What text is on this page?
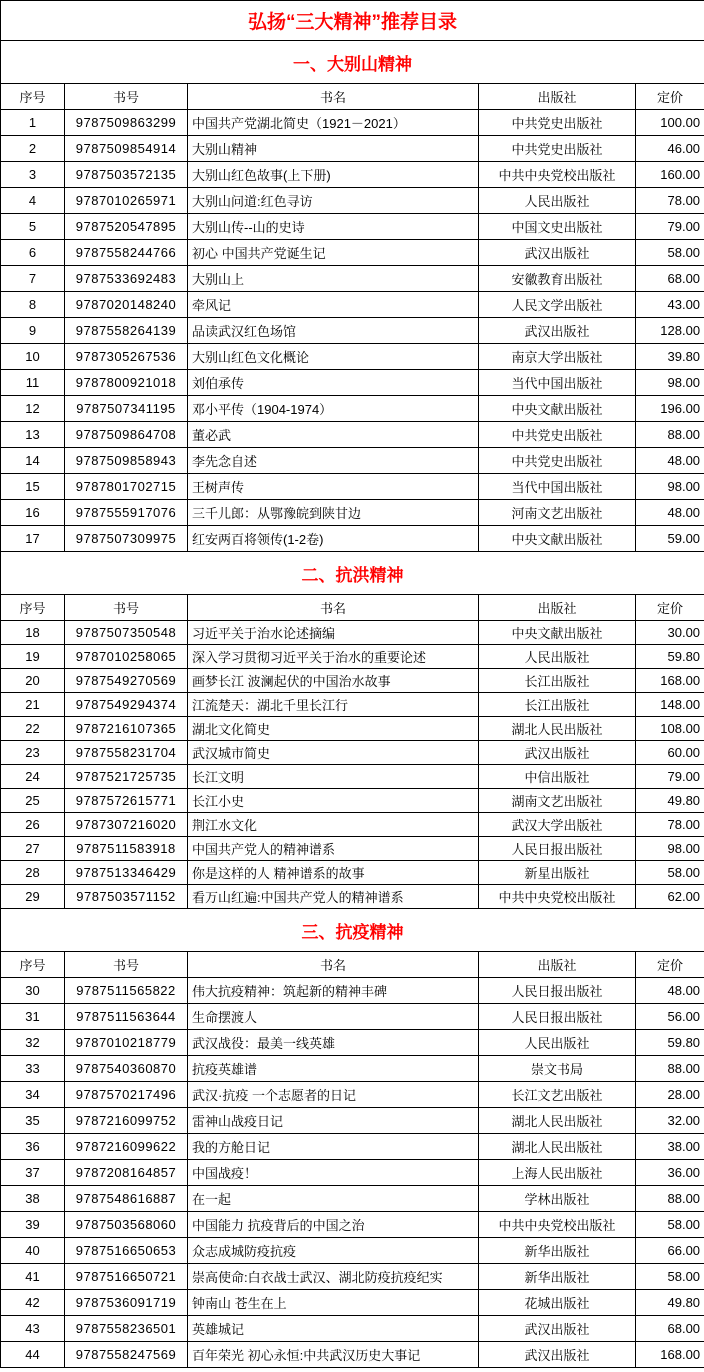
弘扬“三大精神”推荐目录				
一、大别山精神				
序号	书号	书名	出版社	定价
1	9787509863299	中国共产党湖北简史（1921－2021）	中共党史出版社	100.00
2	9787509854914	大别山精神	中共党史出版社	46.00
3	9787503572135	大别山红色故事(上下册)	中共中央党校出版社	160.00
4	9787010265971	大别山问道:红色寻访	人民出版社	78.00
5	9787520547895	大别山传--山的史诗	中国文史出版社	79.00
6	9787558244766	初心 中国共产党诞生记	武汉出版社	58.00
7	9787533692483	大别山上	安徽教育出版社	68.00
8	9787020148240	牵风记	人民文学出版社	43.00
9	9787558264139	品读武汉红色场馆	武汉出版社	128.00
10	9787305267536	大别山红色文化概论	南京大学出版社	39.80
11	9787800921018	刘伯承传	当代中国出版社	98.00
12	9787507341195	邓小平传（1904-1974）	中央文献出版社	196.00
13	9787509864708	董必武	中共党史出版社	88.00
14	9787509858943	李先念自述	中共党史出版社	48.00
15	9787801702715	王树声传	当代中国出版社	98.00
16	9787555917076	三千儿郎：从鄂豫皖到陕甘边	河南文艺出版社	48.00
17	9787507309975	红安两百将领传(1-2卷)	中央文献出版社	59.00
二、抗洪精神				
序号	书号	书名	出版社	定价
18	9787507350548	习近平关于治水论述摘编	中央文献出版社	30.00
19	9787010258065	深入学习贯彻习近平关于治水的重要论述	人民出版社	59.80
20	9787549270569	画梦长江 波澜起伏的中国治水故事	长江出版社	168.00
21	9787549294374	江流楚天：湖北千里长江行	长江出版社	148.00
22	9787216107365	湖北文化简史	湖北人民出版社	108.00
23	9787558231704	武汉城市简史	武汉出版社	60.00
24	9787521725735	长江文明	中信出版社	79.00
25	9787572615771	长江小史	湖南文艺出版社	49.80
26	9787307216020	荆江水文化	武汉大学出版社	78.00
27	9787511583918	中国共产党人的精神谱系	人民日报出版社	98.00
28	9787513346429	你是这样的人 精神谱系的故事	新星出版社	58.00
29	9787503571152	看万山红遍:中国共产党人的精神谱系	中共中央党校出版社	62.00
三、抗疫精神				
序号	书号	书名	出版社	定价
30	9787511565822	伟大抗疫精神：筑起新的精神丰碑	人民日报出版社	48.00
31	9787511563644	生命摆渡人	人民日报出版社	56.00
32	9787010218779	武汉战役：最美一线英雄	人民出版社	59.80
33	9787540360870	抗疫英雄谱	崇文书局	88.00
34	9787570217496	武汉·抗疫 一个志愿者的日记	长江文艺出版社	28.00
35	9787216099752	雷神山战疫日记	湖北人民出版社	32.00
36	9787216099622	我的方舱日记	湖北人民出版社	38.00
37	9787208164857	中国战疫！	上海人民出版社	36.00
38	9787548616887	在一起	学林出版社	88.00
39	9787503568060	中国能力 抗疫背后的中国之治	中共中央党校出版社	58.00
40	9787516650653	众志成城防疫抗疫	新华出版社	66.00
41	9787516650721	崇高使命:白衣战士武汉、湖北防疫抗疫纪实	新华出版社	58.00
42	9787536091719	钟南山 苍生在上	花城出版社	49.80
43	9787558236501	英雄城记	武汉出版社	68.00
44	9787558247569	百年荣光 初心永恒:中共武汉历史大事记	武汉出版社	168.00
